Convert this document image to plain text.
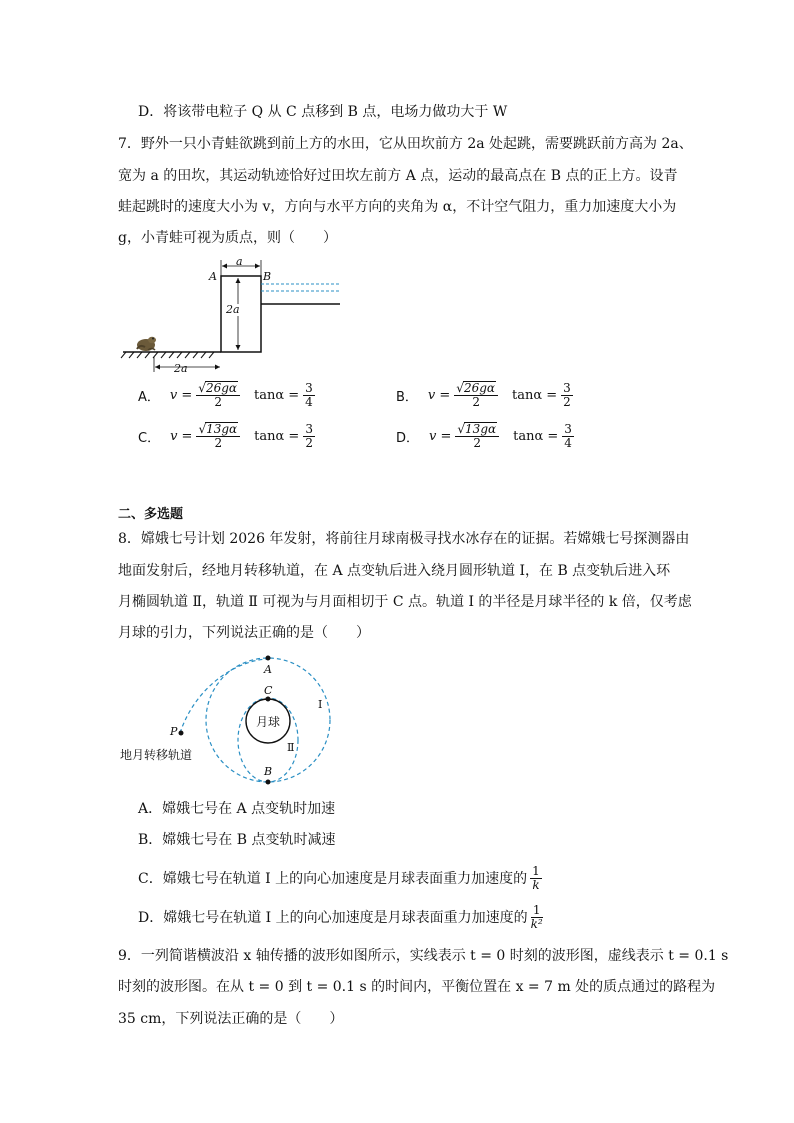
D．将该带电粒子 Q 从 C 点移到 B 点，电场力做功大于 W
7．野外一只小青蛙欲跳到前上方的水田，它从田坎前方 2a 处起跳，需要跳跃前方高为 2a、
宽为 a 的田坎，其运动轨迹恰好过田坎左前方 A 点，运动的最高点在 B 点的正上方。设青
蛙起跳时的速度大小为 v，方向与水平方向的夹角为 α，不计空气阻力，重力加速度大小为
g，小青蛙可视为质点，则（　　）
a
A	B
2a
2a
A． $v = \frac{√26g\alpha}{2}$ $\tan\alpha = \frac{3}{4}$	B． $v = \frac{√26g\alpha}{2}$ $\tan\alpha = \frac{3}{2}$
C． $v = \frac{√13g\alpha}{2}$ $\tan\alpha = \frac{3}{2}$	D． $v = \frac{√13g\alpha}{2}$ $\tan\alpha = \frac{3}{4}$
二、多选题
8．嫦娥七号计划 2026 年发射，将前往月球南极寻找水冰存在的证据。若嫦娥七号探测器由
地面发射后，经地月转移轨道，在 A 点变轨后进入绕月圆形轨道 Ⅰ，在 B 点变轨后进入环
月椭圆轨道 Ⅱ，轨道 Ⅱ 可视为与月面相切于 C 点。轨道 Ⅰ 的半径是月球半径的 k 倍，仅考虑
月球的引力，下列说法正确的是（　　）
A
C
月球
Ⅰ
Ⅱ
P
地月转移轨道
B
A．嫦娥七号在 A 点变轨时加速
B．嫦娥七号在 B 点变轨时减速
C．嫦娥七号在轨道 Ⅰ 上的向心加速度是月球表面重力加速度的 $\frac{1}{k}$
D．嫦娥七号在轨道 Ⅰ 上的向心加速度是月球表面重力加速度的 $\frac{1}{\text{k²}}$
9．一列简谐横波沿 x 轴传播的波形如图所示，实线表示 t = 0 时刻的波形图，虚线表示 t = 0.1 s
时刻的波形图。在从 t = 0 到 t = 0.1 s 的时间内，平衡位置在 x = 7 m 处的质点通过的路程为
35 cm，下列说法正确的是（　　）
